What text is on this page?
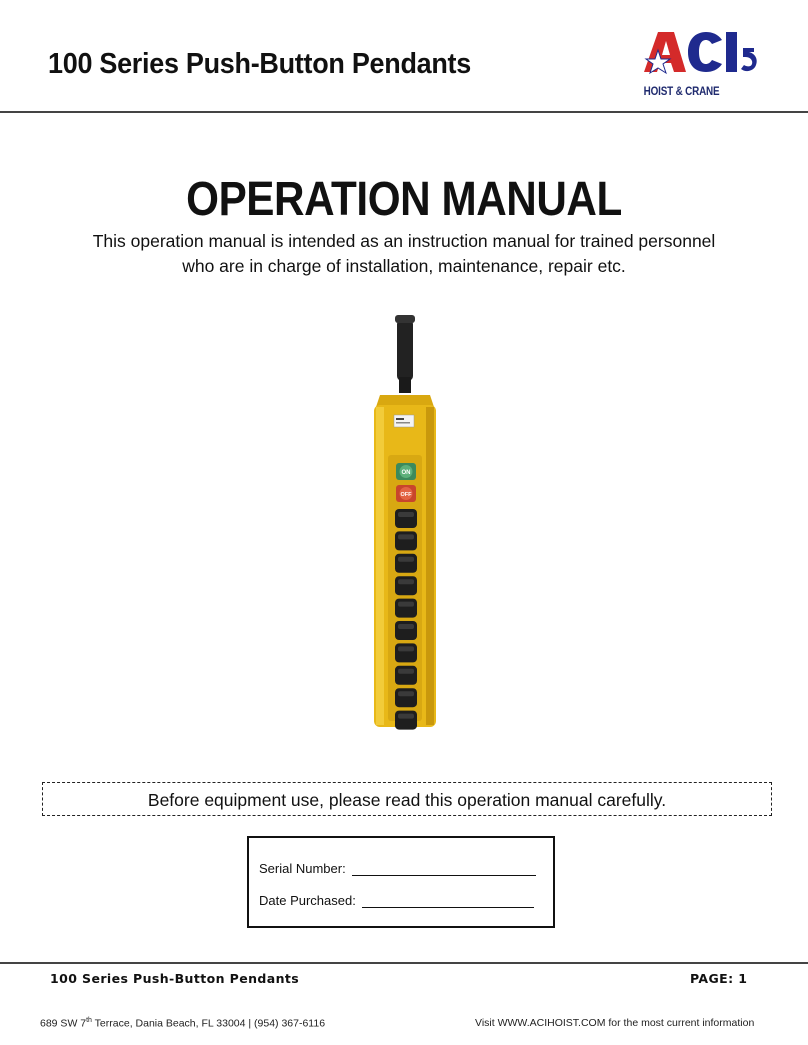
100 Series Push-Button Pendants
HOIST & CRANE
OPERATION MANUAL
This operation manual is intended as an instruction manual for trained personnel
who are in charge of installation, maintenance, repair etc.
ON
OFF
Before equipment use, please read this operation manual carefully.
Serial Number:
Date Purchased:
100 Series Push-Button Pendants	PAGE: 1
689 SW 7th Terrace, Dania Beach, FL 33004 | (954) 367-6116	Visit WWW.ACIHOIST.COM for the most current information
